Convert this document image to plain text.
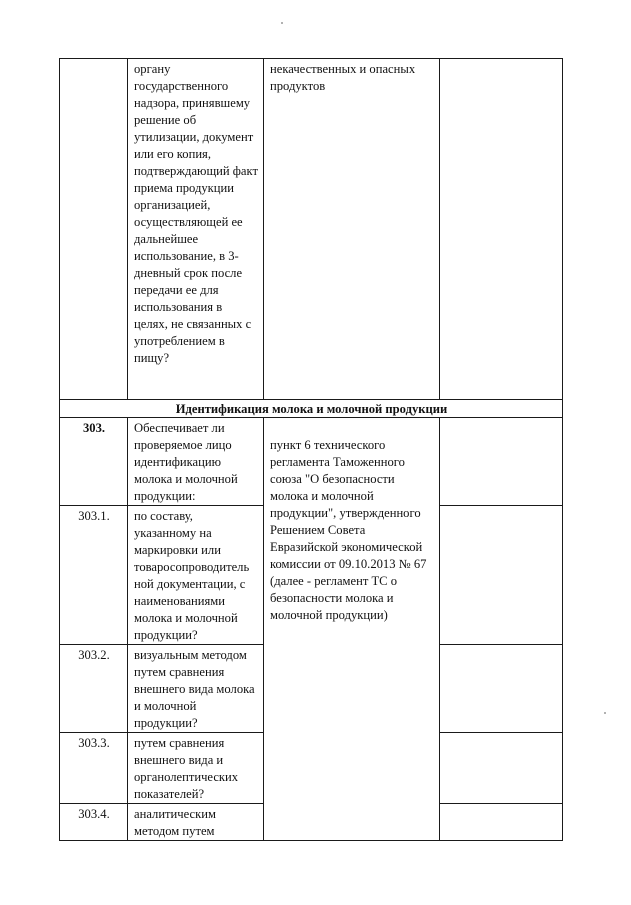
	органу государственного надзора, принявшему решение об утилизации, документ или его копия, подтверждающий факт приема продукции организацией, осуществляющей ее дальнейшее использование, в 3-дневный срок после передачи ее для использования в целях, не связанных с употреблением в пищу?	некачественных и опасных продуктов	
Идентификация молока и молочной продукции			
303.	Обеспечивает ли проверяемое лицо идентификацию молока и молочной продукции:	пункт 6 технического регламента Таможенного союза "О безопасности молока и молочной продукции", утвержденного Решением Совета Евразийской экономической комиссии от 09.10.2013 № 67
(далее - регламент ТС о безопасности молока и молочной продукции)

303.1.	по составу, указанному на маркировки или товаросопроводитель ной документации, с наименованиями молока и молочной продукции?		
303.2.	визуальным методом путем сравнения внешнего вида молока и молочной продукции?		
303.3.	путем сравнения внешнего вида и органолептических показателей?		
303.4.	аналитическим методом путем		
